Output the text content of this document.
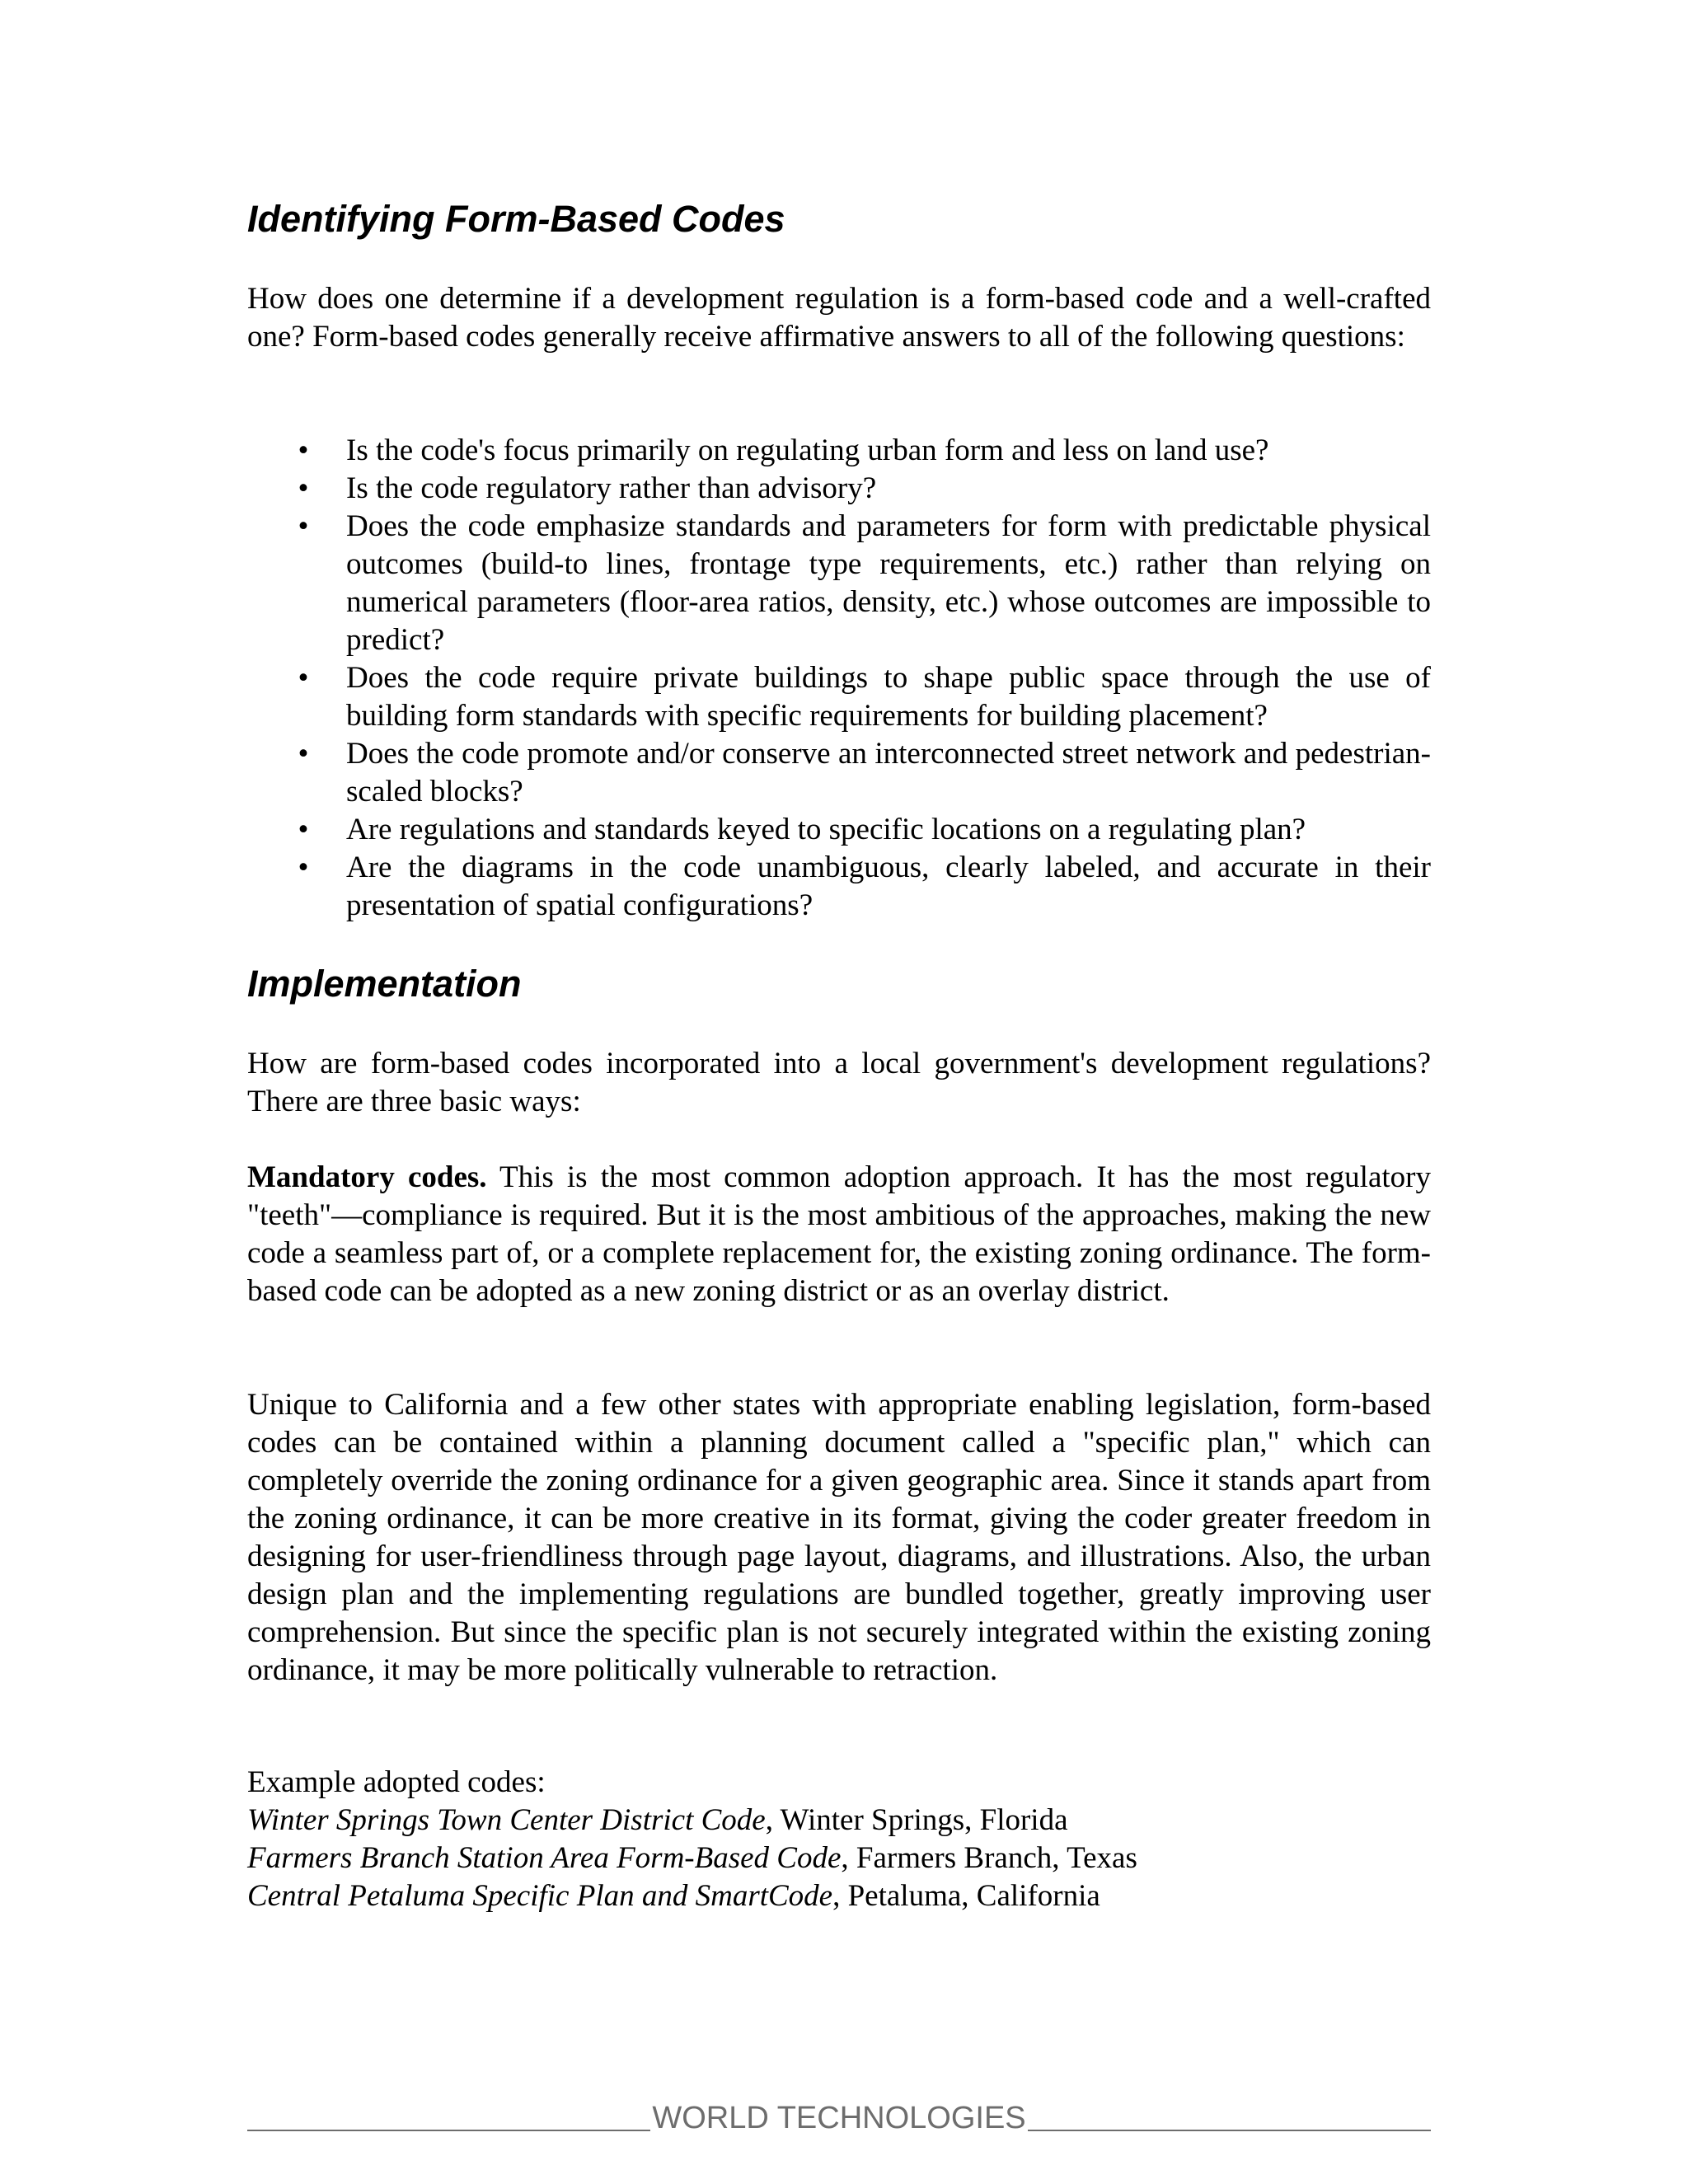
Identifying Form-Based Codes

How does one determine if a development regulation is a form-based code and a well-crafted one? Form-based codes generally receive affirmative answers to all of the following questions:

• Is the code's focus primarily on regulating urban form and less on land use?
• Is the code regulatory rather than advisory?
• Does the code emphasize standards and parameters for form with predictable physical outcomes (build-to lines, frontage type requirements, etc.) rather than relying on numerical parameters (floor-area ratios, density, etc.) whose outcomes are impossible to predict?
• Does the code require private buildings to shape public space through the use of building form standards with specific requirements for building placement?
• Does the code promote and/or conserve an interconnected street network and pedestrian-scaled blocks?
• Are regulations and standards keyed to specific locations on a regulating plan?
• Are the diagrams in the code unambiguous, clearly labeled, and accurate in their presentation of spatial configurations?
Implementation

How are form-based codes incorporated into a local government's development regulations? There are three basic ways:

Mandatory codes. This is the most common adoption approach. It has the most regulatory "teeth"—compliance is required. But it is the most ambitious of the approaches, making the new code a seamless part of, or a complete replacement for, the existing zoning ordinance. The form-based code can be adopted as a new zoning district or as an overlay district.

Unique to California and a few other states with appropriate enabling legislation, form-based codes can be contained within a planning document called a "specific plan," which can completely override the zoning ordinance for a given geographic area. Since it stands apart from the zoning ordinance, it can be more creative in its format, giving the coder greater freedom in designing for user-friendliness through page layout, diagrams, and illustrations. Also, the urban design plan and the implementing regulations are bundled together, greatly improving user comprehension. But since the specific plan is not securely integrated within the existing zoning ordinance, it may be more politically vulnerable to retraction.

Example adopted codes:
Winter Springs Town Center District Code, Winter Springs, Florida
Farmers Branch Station Area Form-Based Code, Farmers Branch, Texas
Central Petaluma Specific Plan and SmartCode, Petaluma, California

WORLD TECHNOLOGIES
